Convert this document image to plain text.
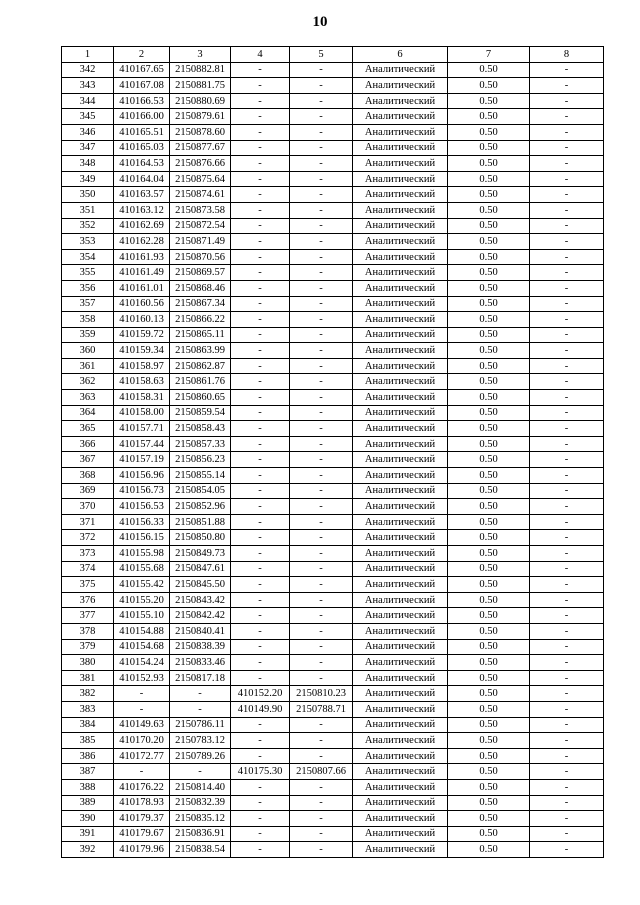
10
1	2	3	4	5	6	7	8
342	410167.65	2150882.81	-	-	Аналитический	0.50	-
343	410167.08	2150881.75	-	-	Аналитический	0.50	-
344	410166.53	2150880.69	-	-	Аналитический	0.50	-
345	410166.00	2150879.61	-	-	Аналитический	0.50	-
346	410165.51	2150878.60	-	-	Аналитический	0.50	-
347	410165.03	2150877.67	-	-	Аналитический	0.50	-
348	410164.53	2150876.66	-	-	Аналитический	0.50	-
349	410164.04	2150875.64	-	-	Аналитический	0.50	-
350	410163.57	2150874.61	-	-	Аналитический	0.50	-
351	410163.12	2150873.58	-	-	Аналитический	0.50	-
352	410162.69	2150872.54	-	-	Аналитический	0.50	-
353	410162.28	2150871.49	-	-	Аналитический	0.50	-
354	410161.93	2150870.56	-	-	Аналитический	0.50	-
355	410161.49	2150869.57	-	-	Аналитический	0.50	-
356	410161.01	2150868.46	-	-	Аналитический	0.50	-
357	410160.56	2150867.34	-	-	Аналитический	0.50	-
358	410160.13	2150866.22	-	-	Аналитический	0.50	-
359	410159.72	2150865.11	-	-	Аналитический	0.50	-
360	410159.34	2150863.99	-	-	Аналитический	0.50	-
361	410158.97	2150862.87	-	-	Аналитический	0.50	-
362	410158.63	2150861.76	-	-	Аналитический	0.50	-
363	410158.31	2150860.65	-	-	Аналитический	0.50	-
364	410158.00	2150859.54	-	-	Аналитический	0.50	-
365	410157.71	2150858.43	-	-	Аналитический	0.50	-
366	410157.44	2150857.33	-	-	Аналитический	0.50	-
367	410157.19	2150856.23	-	-	Аналитический	0.50	-
368	410156.96	2150855.14	-	-	Аналитический	0.50	-
369	410156.73	2150854.05	-	-	Аналитический	0.50	-
370	410156.53	2150852.96	-	-	Аналитический	0.50	-
371	410156.33	2150851.88	-	-	Аналитический	0.50	-
372	410156.15	2150850.80	-	-	Аналитический	0.50	-
373	410155.98	2150849.73	-	-	Аналитический	0.50	-
374	410155.68	2150847.61	-	-	Аналитический	0.50	-
375	410155.42	2150845.50	-	-	Аналитический	0.50	-
376	410155.20	2150843.42	-	-	Аналитический	0.50	-
377	410155.10	2150842.42	-	-	Аналитический	0.50	-
378	410154.88	2150840.41	-	-	Аналитический	0.50	-
379	410154.68	2150838.39	-	-	Аналитический	0.50	-
380	410154.24	2150833.46	-	-	Аналитический	0.50	-
381	410152.93	2150817.18	-	-	Аналитический	0.50	-
382	-	-	410152.20	2150810.23	Аналитический	0.50	-
383	-	-	410149.90	2150788.71	Аналитический	0.50	-
384	410149.63	2150786.11	-	-	Аналитический	0.50	-
385	410170.20	2150783.12	-	-	Аналитический	0.50	-
386	410172.77	2150789.26	-	-	Аналитический	0.50	-
387	-	-	410175.30	2150807.66	Аналитический	0.50	-
388	410176.22	2150814.40	-	-	Аналитический	0.50	-
389	410178.93	2150832.39	-	-	Аналитический	0.50	-
390	410179.37	2150835.12	-	-	Аналитический	0.50	-
391	410179.67	2150836.91	-	-	Аналитический	0.50	-
392	410179.96	2150838.54	-	-	Аналитический	0.50	-
